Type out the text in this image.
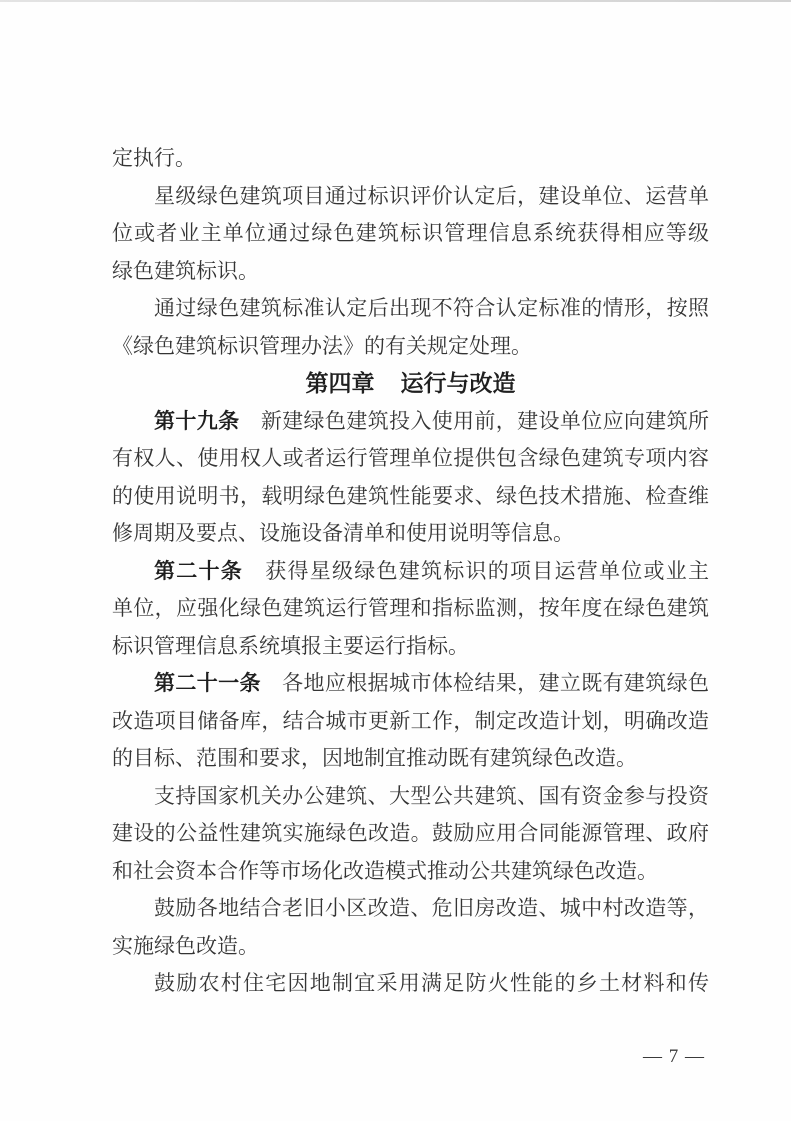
定执行。
星级绿色建筑项目通过标识评价认定后，建设单位、运营单
位或者业主单位通过绿色建筑标识管理信息系统获得相应等级
绿色建筑标识。
通过绿色建筑标准认定后出现不符合认定标准的情形，按照
《绿色建筑标识管理办法》的有关规定处理。
第四章 运行与改造
第十九条　新建绿色建筑投入使用前，建设单位应向建筑所
有权人、使用权人或者运行管理单位提供包含绿色建筑专项内容
的使用说明书，载明绿色建筑性能要求、绿色技术措施、检查维
修周期及要点、设施设备清单和使用说明等信息。
第二十条　获得星级绿色建筑标识的项目运营单位或业主
单位，应强化绿色建筑运行管理和指标监测，按年度在绿色建筑
标识管理信息系统填报主要运行指标。
第二十一条　各地应根据城市体检结果，建立既有建筑绿色
改造项目储备库，结合城市更新工作，制定改造计划，明确改造
的目标、范围和要求，因地制宜推动既有建筑绿色改造。
支持国家机关办公建筑、大型公共建筑、国有资金参与投资
建设的公益性建筑实施绿色改造。鼓励应用合同能源管理、政府
和社会资本合作等市场化改造模式推动公共建筑绿色改造。
鼓励各地结合老旧小区改造、危旧房改造、城中村改造等，
实施绿色改造。
鼓励农村住宅因地制宜采用满足防火性能的乡土材料和传
— 7 —
